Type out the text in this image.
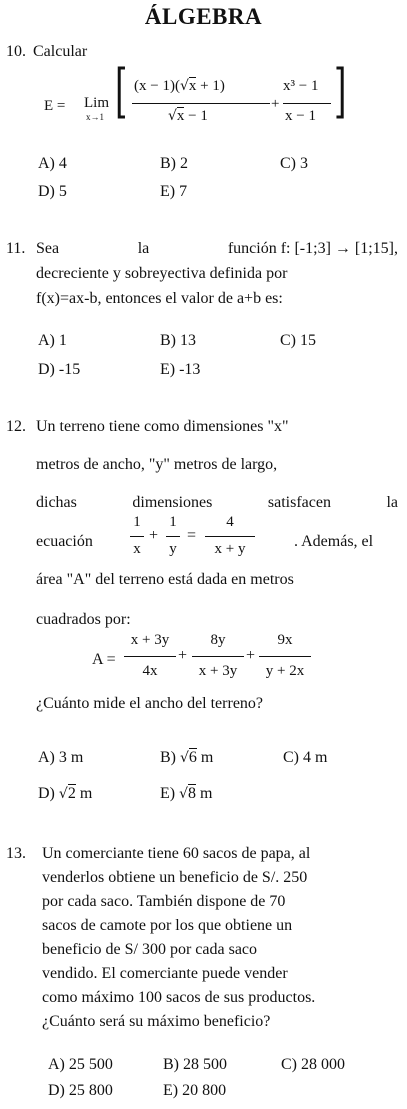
ÁLGEBRA
10. Calcular
E = Lim
x→1 [ (x − 1)(√x + 1)
√x − 1
+
x³ − 1
x − 1 ]
A) 4	B) 2	C) 3
D) 5	E) 7
11. Sea	la	función f: [-1;3] → [1;15],
decreciente y sobreyectiva definida por
f(x)=ax-b, entonces el valor de a+b es:
A) 1	B) 13	C) 15
D) -15	E) -13
12. Un terreno tiene como dimensiones "x"
metros de ancho, "y" metros de largo,
dichas	dimensiones	satisfacen	la
ecuación
1
x
+
1
y
=
4
x + y	. Además, el
área "A" del terreno está dada en metros
cuadrados por:
A =
x + 3y
4x
+
8y
x + 3y
+
9x
y + 2x
¿Cuánto mide el ancho del terreno?
A) 3 m	B) √6 m	C) 4 m
D) √2 m	E) √8 m
13. Un comerciante tiene 60 sacos de papa, al
venderlos obtiene un beneficio de S/. 250
por cada saco. También dispone de 70
sacos de camote por los que obtiene un
beneficio de S/ 300 por cada saco
vendido. El comerciante puede vender
como máximo 100 sacos de sus productos.
¿Cuánto será su máximo beneficio?
A) 25 500	B) 28 500	C) 28 000
D) 25 800	E) 20 800
